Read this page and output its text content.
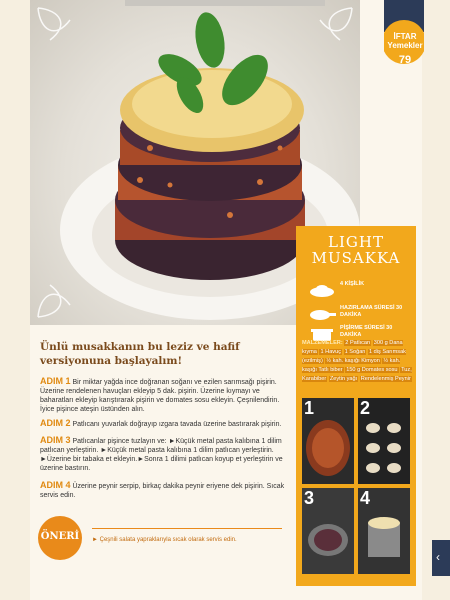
İFTAR
Yemekler
79
LIGHT
MUSAKKA
4 KİŞİLİK
HAZIRLAMA SÜRESİ 30 DAKİKA
PİŞİRME SÜRESİ 30 DAKİKA
MALZEMELER: 2 Patlıcan 300 g Dana kıyma 1 Havuç 1 Soğan 1 diş Sarımsak (ezilmiş) ½ kah. kaşığı Kimyon ½ kah. kaşığı Tatlı biber 150 g Domates sosu Tuz, Karabiber Zeytin yağı Rendelenmiş Peynir
1	2
3	4
Ünlü musakkanın bu leziz ve hafif versiyonuna başlayalım!
ADIM 1 Bir miktar yağda ince doğranan soğanı ve ezilen sarımsağı pişirin. Üzerine rendelenen havuçları ekleyip 5 dak. pişirin. Üzerine kıymayı ve baharatları ekleyip karıştırarak pişirin ve domates sosu ekleyin. Çeşnilendirin. İyice pişince ateşin üstünden alın.
ADIM 2 Patlıcanı yuvarlak doğrayıp ızgara tavada üzerine bastırarak pişirin.
ADIM 3 Patlıcanlar pişince tuzlayın ve: ►Küçük metal pasta kalıbına 1 dilim patlıcan yerleştirin. ►Küçük metal pasta kalıbına 1 dilim patlıcan yerleştirin. ►Üzerine bir tabaka et ekleyin.►Sonra 1 dilimi patlıcan koyup et yerleştirin ve üzerine bastırın.
ADIM 4 Üzerine peynir serpip, birkaç dakika peynir eriyene dek pişirin. Sıcak servis edin.
ÖNERİ	► Çeşnili salata yapraklarıyla sıcak olarak servis edin.
‹
